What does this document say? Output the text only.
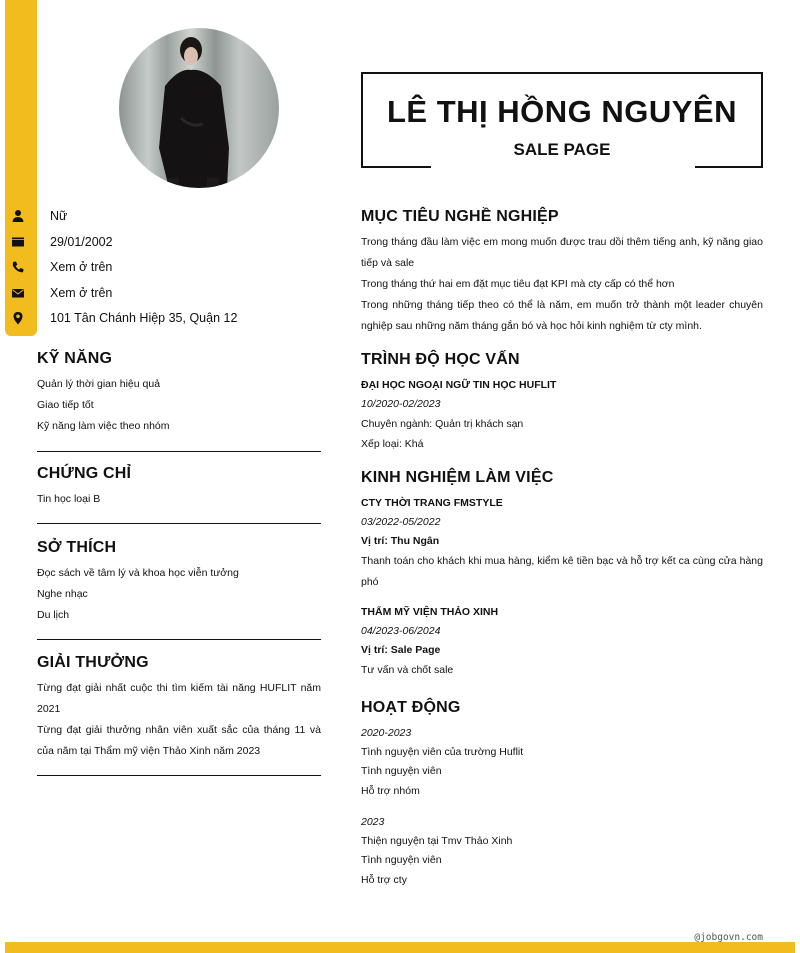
Nữ
29/01/2002
Xem ở trên
Xem ở trên
101 Tân Chánh Hiệp 35, Quận 12
KỸ NĂNG
Quản lý thời gian hiệu quả
Giao tiếp tốt
Kỹ năng làm việc theo nhóm
CHỨNG CHỈ
Tin học loại B
SỞ THÍCH
Đọc sách về tâm lý và khoa học viễn tưởng
Nghe nhạc
Du lịch
GIẢI THƯỞNG
Từng đạt giải nhất cuộc thi tìm kiếm tài năng HUFLIT năm 2021
Từng đạt giải thưởng nhân viên xuất sắc của tháng 11 và của năm tại Thẩm mỹ viện Thảo Xinh năm 2023
LÊ THỊ HỒNG NGUYÊN
SALE PAGE
MỤC TIÊU NGHỀ NGHIỆP
Trong tháng đầu làm việc em mong muốn được trau dồi thêm tiếng anh, kỹ năng giao tiếp và sale
Trong tháng thứ hai em đặt mục tiêu đạt KPI mà cty cấp có thể hơn
Trong những tháng tiếp theo có thể là năm, em muốn trở thành một leader chuyên nghiệp sau những năm tháng gắn bó và học hỏi kinh nghiệm từ cty mình.
TRÌNH ĐỘ HỌC VẤN
ĐẠI HỌC NGOẠI NGỮ TIN HỌC HUFLIT
10/2020-02/2023
Chuyên ngành: Quản trị khách sạn
Xếp loại: Khá
KINH NGHIỆM LÀM VIỆC
CTY THỜI TRANG FMSTYLE
03/2022-05/2022
Vị trí: Thu Ngân
Thanh toán cho khách khi mua hàng, kiểm kê tiền bạc và hỗ trợ kết ca cùng cửa hàng phó
THẨM MỸ VIỆN THẢO XINH
04/2023-06/2024
Vị trí: Sale Page
Tư vấn và chốt sale
HOẠT ĐỘNG
2020-2023
Tình nguyện viên của trường Huflit
Tình nguyện viên
Hỗ trợ nhóm
2023
Thiện nguyện tại Tmv Thảo Xinh
Tình nguyện viên
Hỗ trợ cty
@jobgovn.com
